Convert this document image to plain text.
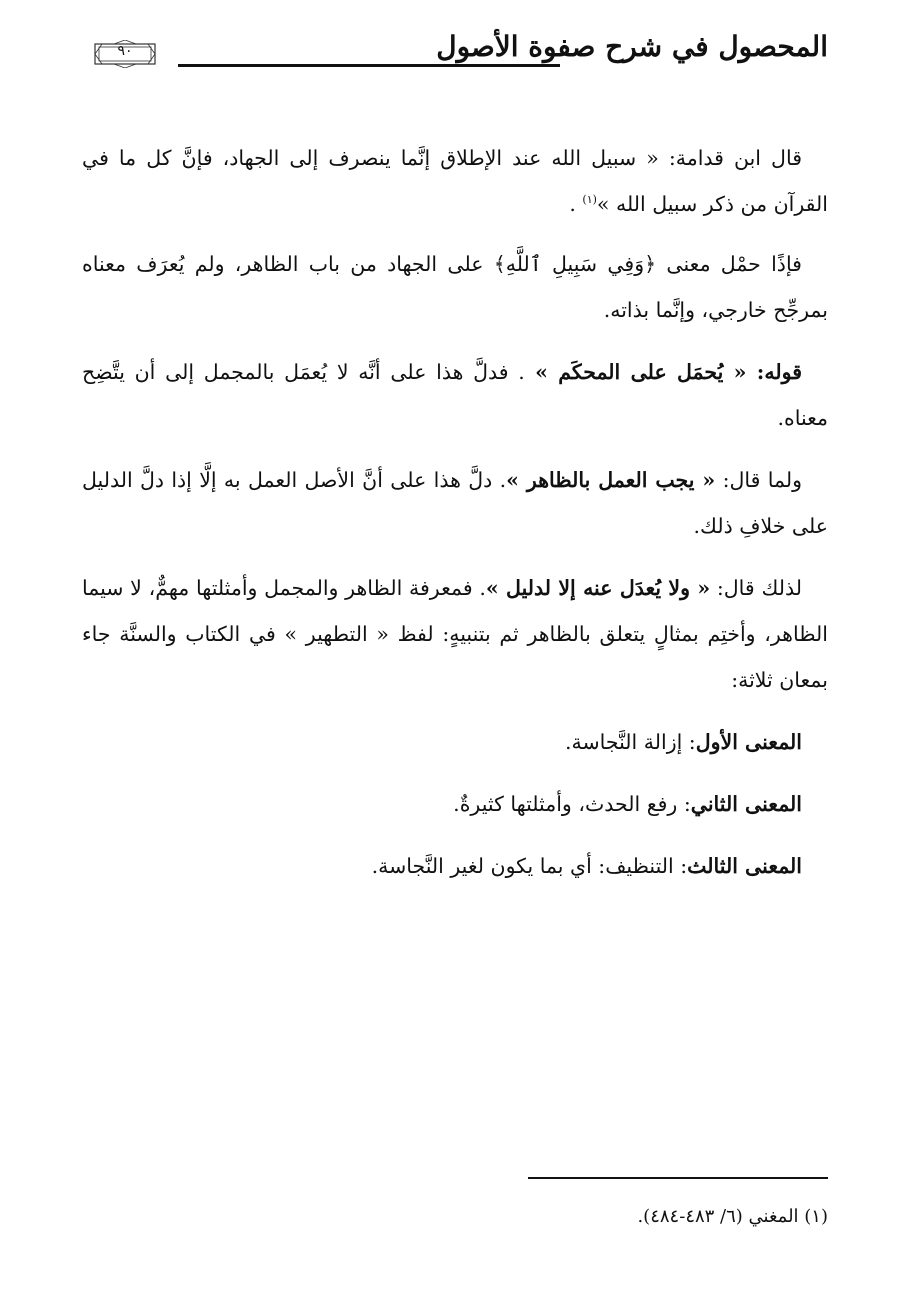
المحصول في شرح صفوة الأصول
٩٠

قال ابن قدامة: « سبيل الله عند الإطلاق إنَّما ينصرف إلى الجهاد، فإنَّ كل ما في القرآن من ذكر سبيل الله »$^{(١)}$ .

فإذًا حمْل معنى ﴿وَفِي سَبِيلِ ٱللَّهِ﴾ على الجهاد من باب الظاهر، ولم يُعرَف معناه بمرجِّح خارجي، وإنَّما بذاته.

قوله: « يُحمَل على المحكَم » . فدلَّ هذا على أنَّه لا يُعمَل بالمجمل إلى أن يتَّضِح معناه.

ولما قال: « يجب العمل بالظاهر ». دلَّ هذا على أنَّ الأصل العمل به إلَّا إذا دلَّ الدليل على خلافِ ذلك.

لذلك قال: « ولا يُعدَل عنه إلا لدليل ». فمعرفة الظاهر والمجمل وأمثلتها مهمٌّ، لا سيما الظاهر، وأختِم بمثالٍ يتعلق بالظاهر ثم بتنبيهٍ: لفظ « التطهير » في الكتاب والسنَّة جاء بمعان ثلاثة:

المعنى الأول: إزالة النَّجاسة.
المعنى الثاني: رفع الحدث، وأمثلتها كثيرةٌ.
المعنى الثالث: التنظيف: أي بما يكون لغير النَّجاسة.
(١) المغني (٦/ ٤٨٣-٤٨٤).
